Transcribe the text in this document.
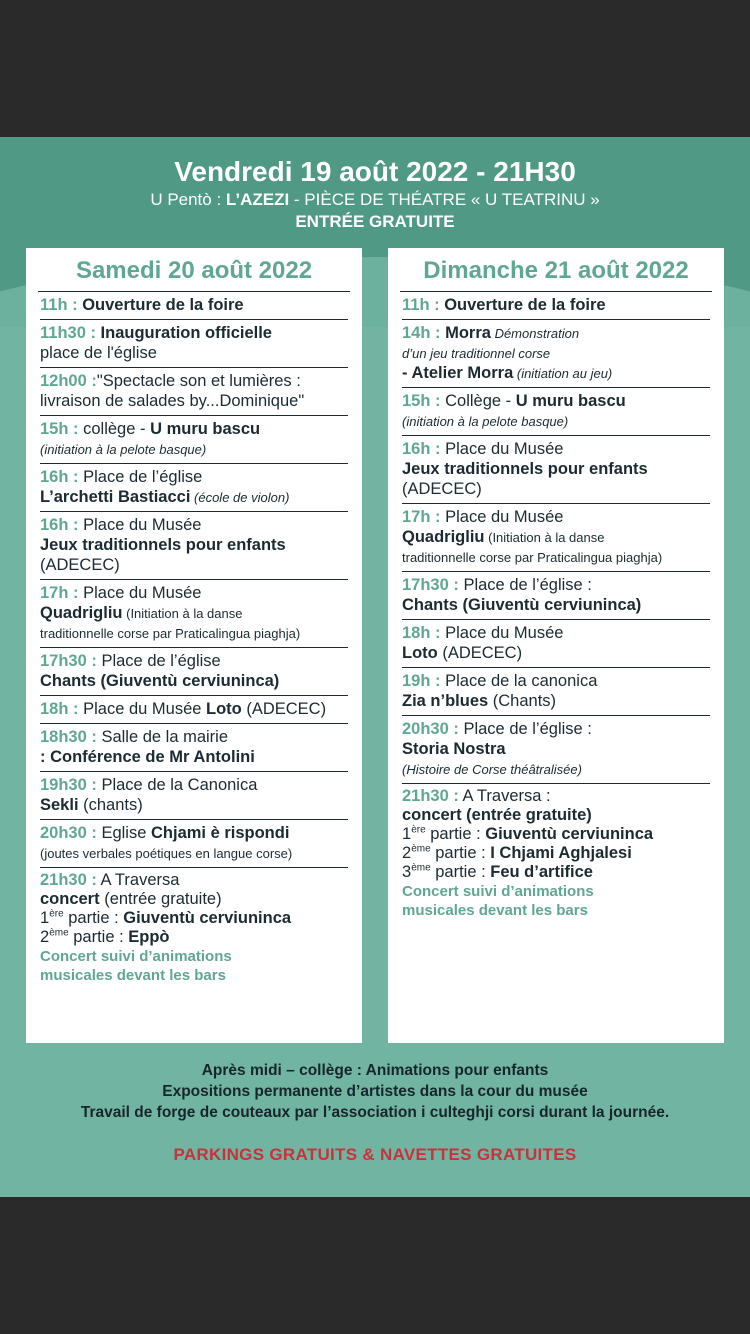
Vendredi 19 août 2022 - 21H30
U Pentò : L’AZEZI - PIÈCE DE THÉATRE « U TEATRINU »
ENTRÉE GRATUITE
Samedi 20 août 2022
11h : Ouverture de la foire
11h30 : Inauguration officielle
place de l'église
12h00 :"Spectacle son et lumières :
livraison de salades by...Dominique"
15h : collège - U muru bascu
(initiation à la pelote basque)
16h : Place de l’église
L’archetti Bastiacci (école de violon)
16h : Place du Musée
Jeux traditionnels pour enfants
(ADECEC)
17h : Place du Musée
Quadrigliu (Initiation à la danse
traditionnelle corse par Praticalingua piaghja)
17h30 : Place de l’église
Chants (Giuventù cerviuninca)
18h : Place du Musée Loto (ADECEC)
18h30 : Salle de la mairie
: Conférence de Mr Antolini
19h30 : Place de la Canonica
Sekli (chants)
20h30 : Eglise Chjami è rispondi
(joutes verbales poétiques en langue corse)
21h30 : A Traversa
concert (entrée gratuite)
1ère partie : Giuventù cerviuninca
2ème partie : Eppò
Concert suivi d’animations
musicales devant les bars
Dimanche 21 août 2022
11h : Ouverture de la foire
14h : Morra Démonstration
d’un jeu traditionnel corse
- Atelier Morra (initiation au jeu)
15h : Collège - U muru bascu
(initiation à la pelote basque)
16h : Place du Musée
Jeux traditionnels pour enfants
(ADECEC)
17h : Place du Musée
Quadrigliu (Initiation à la danse
traditionnelle corse par Praticalingua piaghja)
17h30 : Place de l’église :
Chants (Giuventù cerviuninca)
18h : Place du Musée
Loto (ADECEC)
19h : Place de la canonica
Zia n’blues (Chants)
20h30 : Place de l’église :
Storia Nostra
(Histoire de Corse théâtralisée)
21h30 : A Traversa :
concert (entrée gratuite)
1ère partie : Giuventù cerviuninca
2ème partie : I Chjami Aghjalesi
3ème partie : Feu d’artifice
Concert suivi d’animations
musicales devant les bars
Après midi – collège : Animations pour enfants
Expositions permanente d’artistes dans la cour du musée
Travail de forge de couteaux par l’association i culteghji corsi durant la journée.
PARKINGS GRATUITS & NAVETTES GRATUITES
